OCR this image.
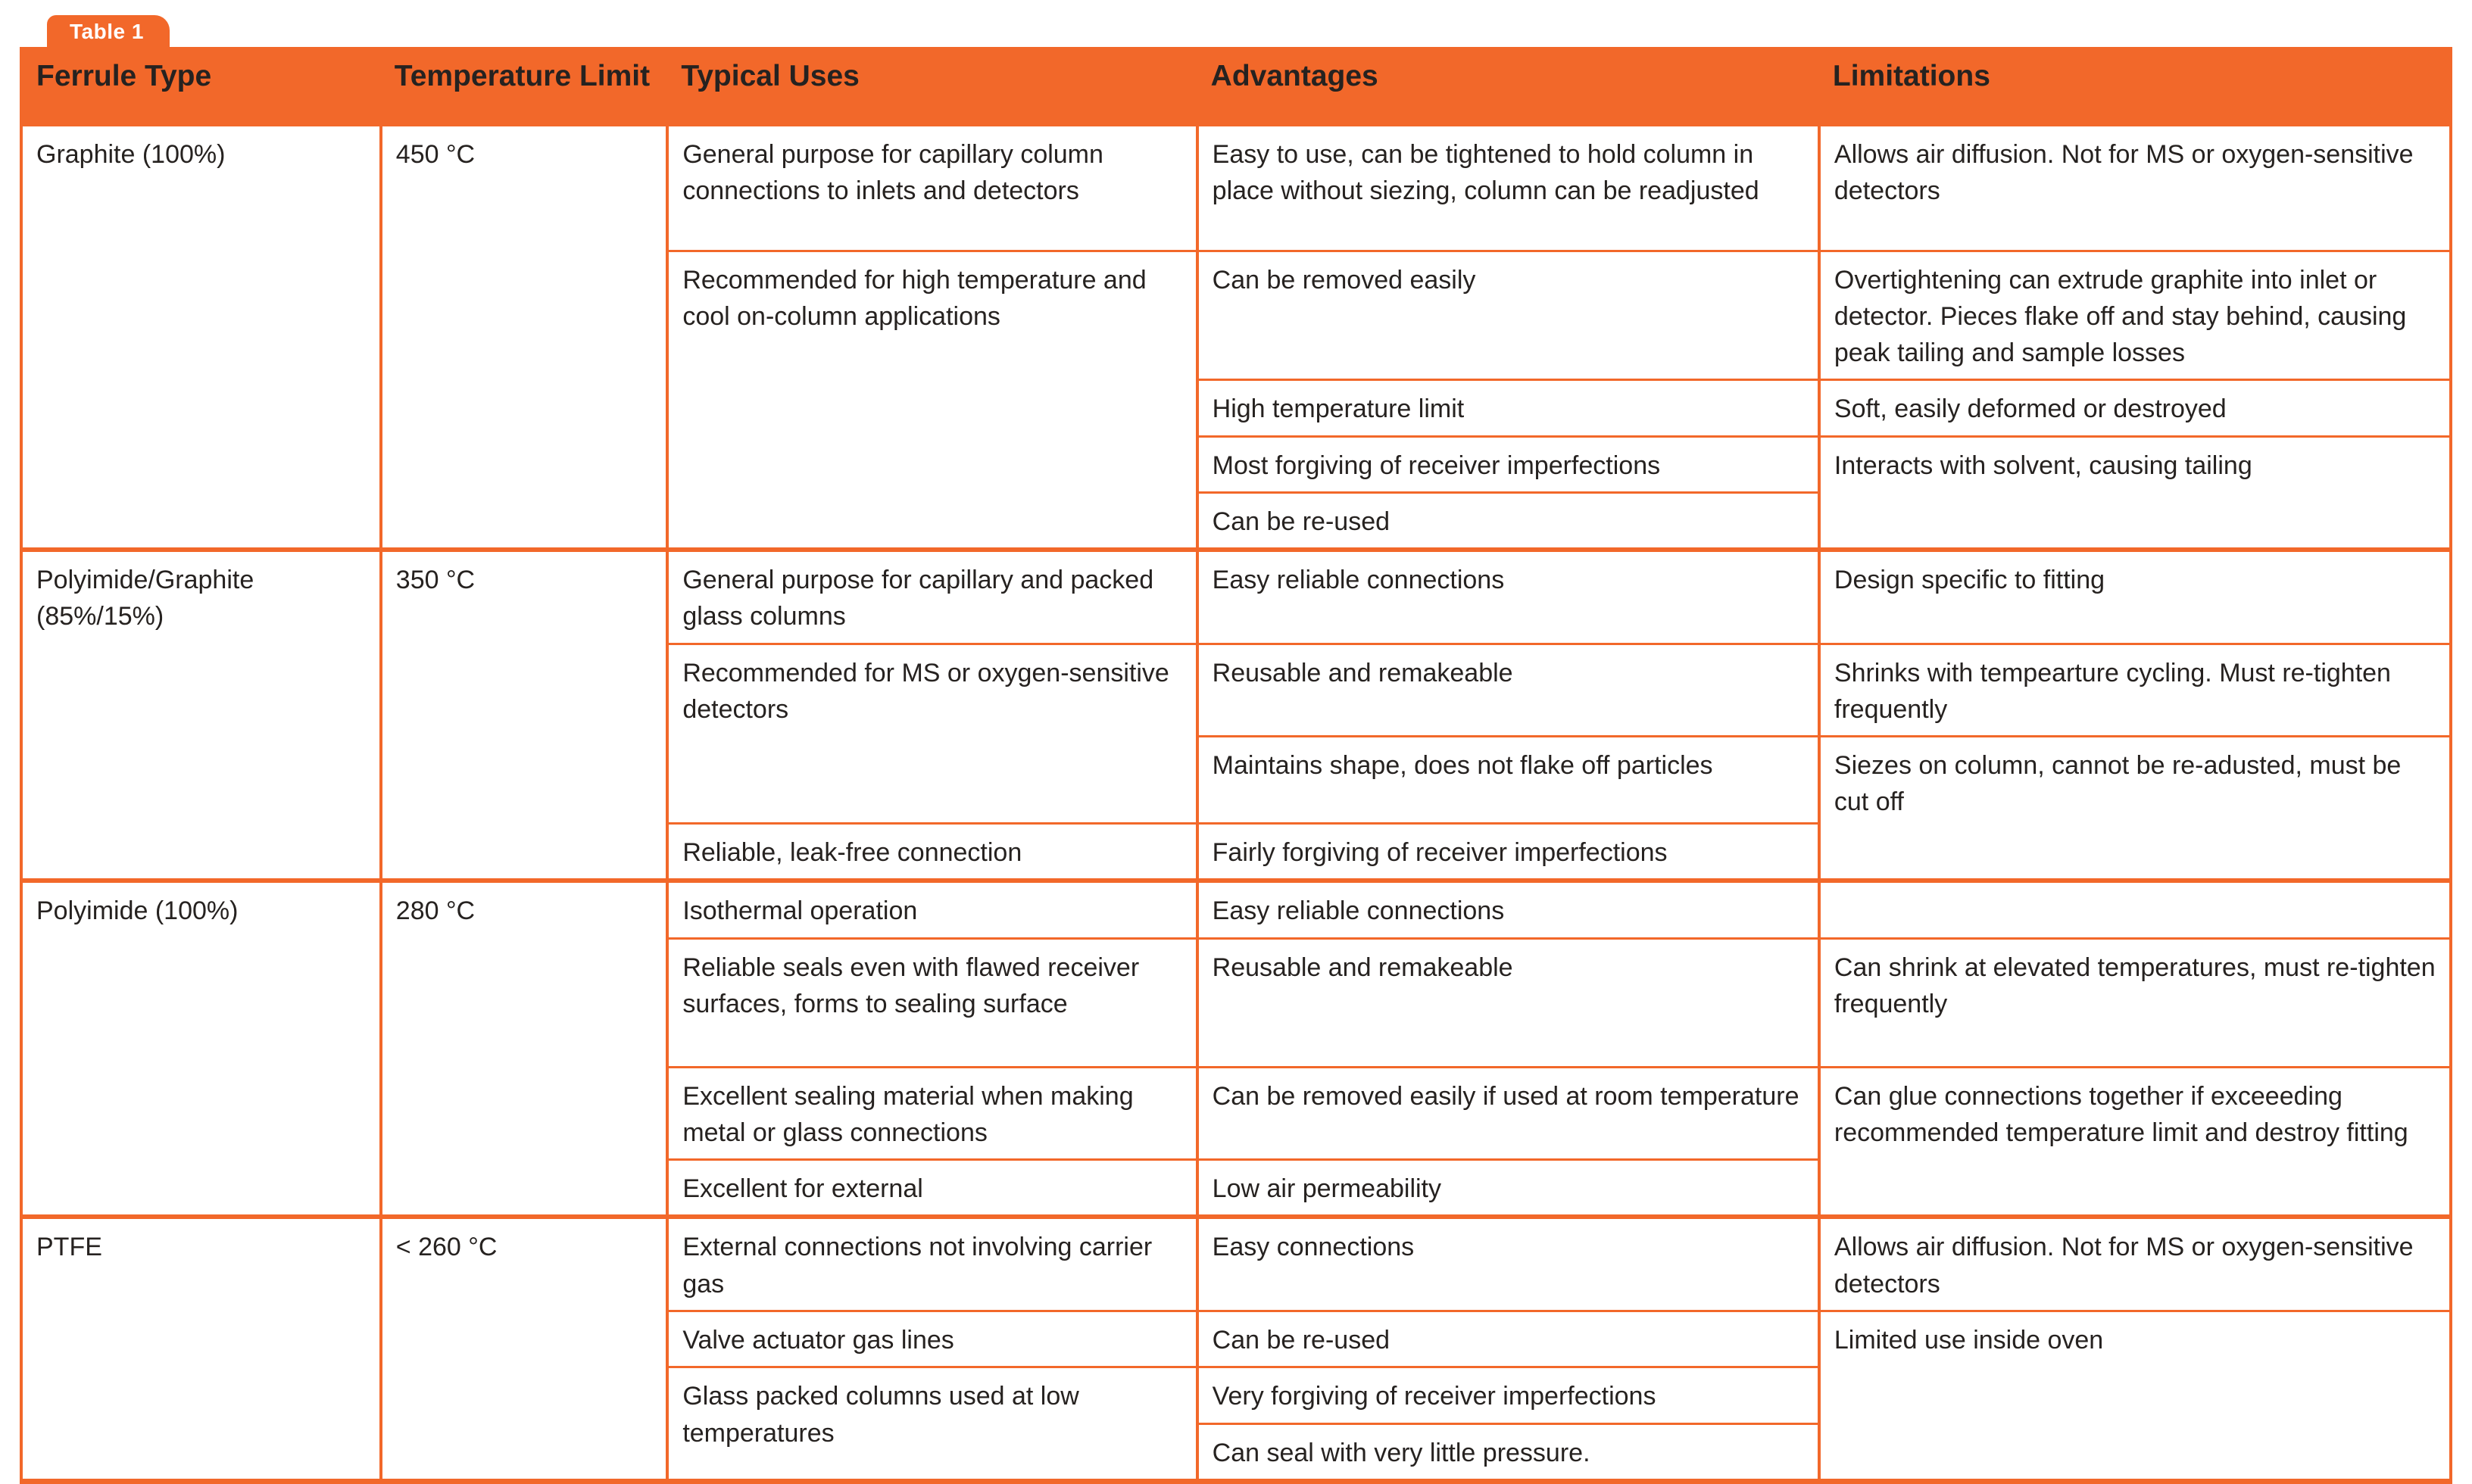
Table 1
Ferrule Type	Temperature Limit	Typical Uses	Advantages	Limitations
Graphite (100%)	450 °C	General purpose for capillary column connections to inlets and detectors	Easy to use, can be tightened to hold column in place without siezing, column can be readjusted	Allows air diffusion. Not for MS or oxygen-sensitive detectors
		Recommended for high temperature and cool on-column applications	Can be removed easily	Overtightening can extrude graphite into inlet or detector. Pieces flake off and stay behind, causing peak tailing and sample losses
			High temperature limit	Soft, easily deformed or destroyed
			Most forgiving of receiver imperfections	Interacts with solvent, causing tailing
			Can be re-used	
Polyimide/Graphite (85%/15%)	350 °C	General purpose for capillary and packed glass columns	Easy reliable connections	Design specific to fitting
		Recommended for MS or oxygen-sensitive detectors	Reusable and remakeable	Shrinks with tempearture cycling. Must re-tighten frequently
			Maintains shape, does not flake off particles	Siezes on column, cannot be re-adusted, must be cut off
		Reliable, leak-free connection	Fairly forgiving of receiver imperfections	
Polyimide (100%)	280 °C	Isothermal operation	Easy reliable connections	
		Reliable seals even with flawed receiver surfaces, forms to sealing surface	Reusable and remakeable	Can shrink at elevated temperatures, must re-tighten frequently
		Excellent sealing material when making metal or glass connections	Can be removed easily if used at room temperature	Can glue connections together if exceeeding recommended temperature limit and destroy fitting
		Excellent for external	Low air permeability	
PTFE	< 260 °C	External connections not involving carrier gas	Easy connections	Allows air diffusion. Not for MS or oxygen-sensitive detectors
		Valve actuator gas lines	Can be re-used	Limited use inside oven
		Glass packed columns used at low temperatures	Very forgiving of receiver imperfections	
			Can seal with very little pressure.	
